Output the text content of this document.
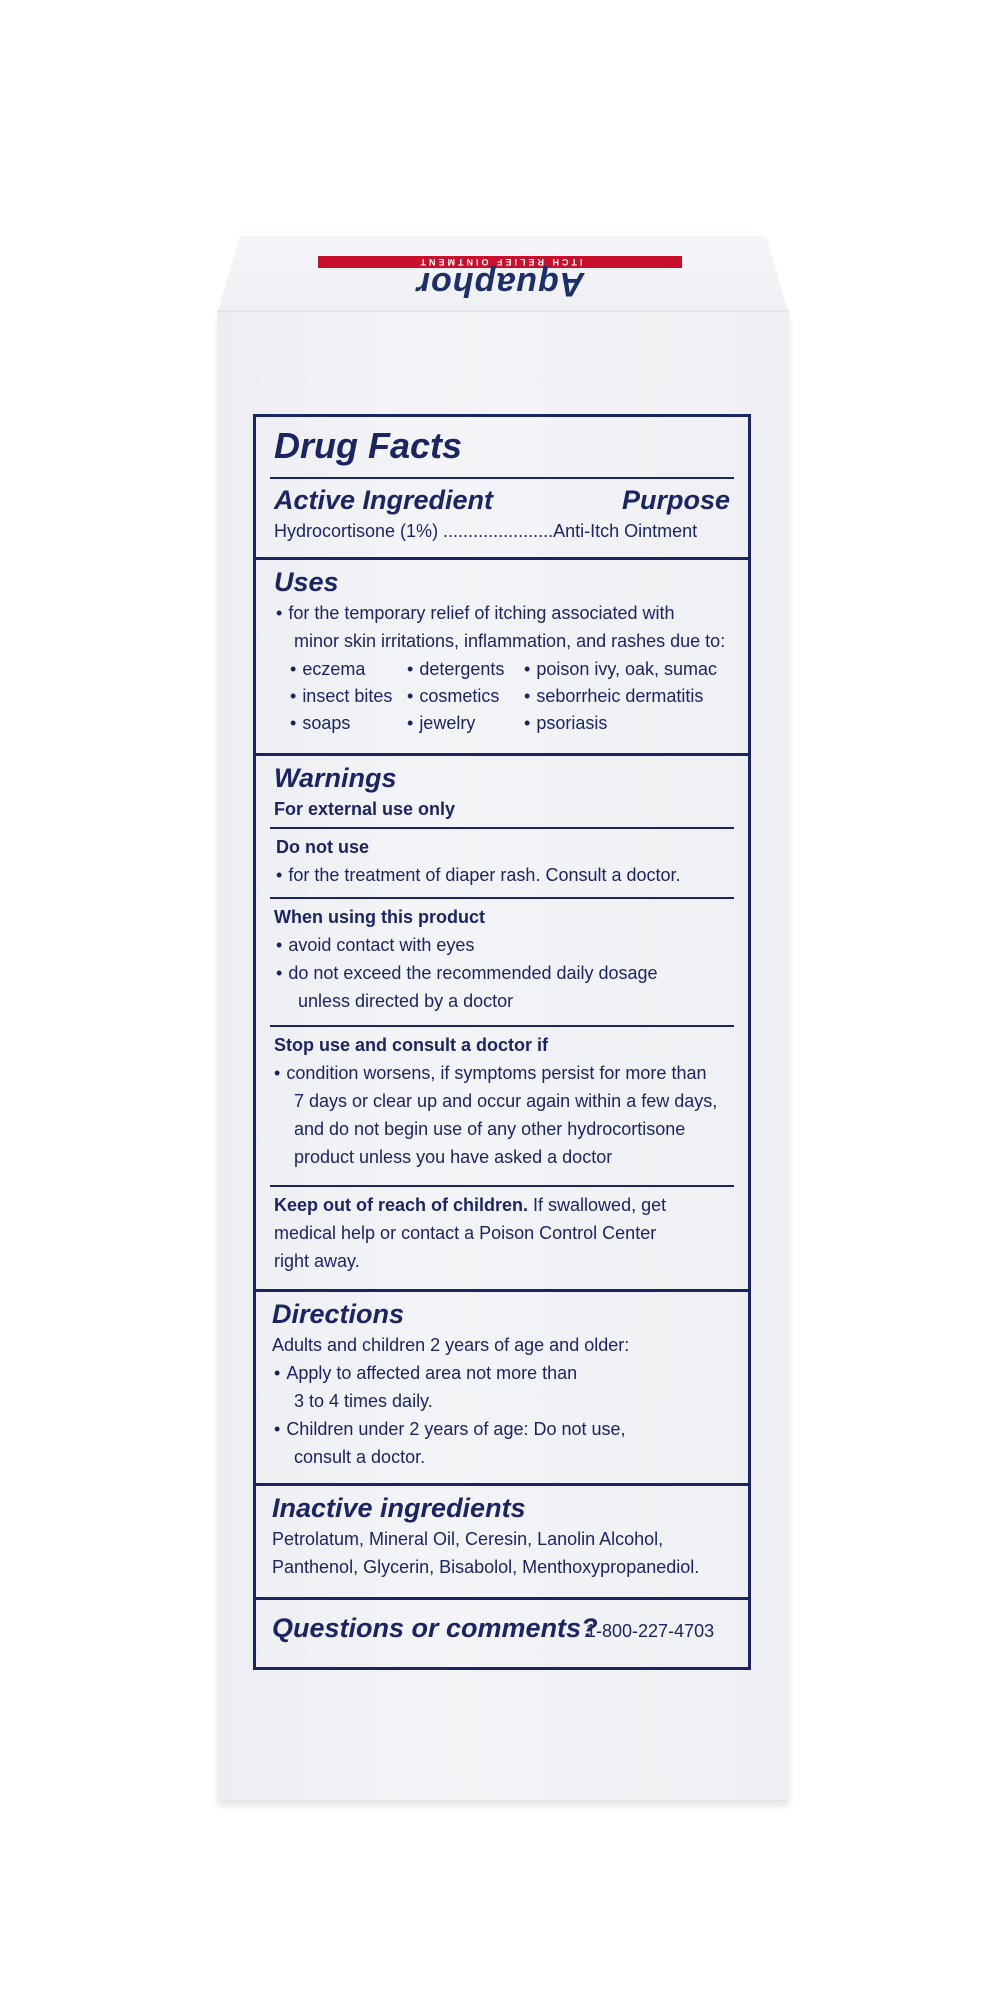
ITCH RELIEF OINTMENT
Aquaphor
Drug Facts
Active Ingredient	Purpose
Hydrocortisone (1%) ......................Anti-Itch Ointment
Uses
• for the temporary relief of itching associated with
minor skin irritations, inflammation, and rashes due to:
• eczema
• insect bites
• soaps
• detergents
• cosmetics
• jewelry
• poison ivy, oak, sumac
• seborrheic dermatitis
• psoriasis
Warnings
For external use only
Do not use
• for the treatment of diaper rash. Consult a doctor.
When using this product
• avoid contact with eyes
• do not exceed the recommended daily dosage
unless directed by a doctor
Stop use and consult a doctor if
• condition worsens, if symptoms persist for more than
7 days or clear up and occur again within a few days,
and do not begin use of any other hydrocortisone
product unless you have asked a doctor
Keep out of reach of children. If swallowed, get
medical help or contact a Poison Control Center
right away.
Directions
Adults and children 2 years of age and older:
• Apply to affected area not more than
3 to 4 times daily.
• Children under 2 years of age: Do not use,
consult a doctor.
Inactive ingredients
Petrolatum, Mineral Oil, Ceresin, Lanolin Alcohol,
Panthenol, Glycerin, Bisabolol, Menthoxypropanediol.
Questions or comments?
1-800-227-4703
